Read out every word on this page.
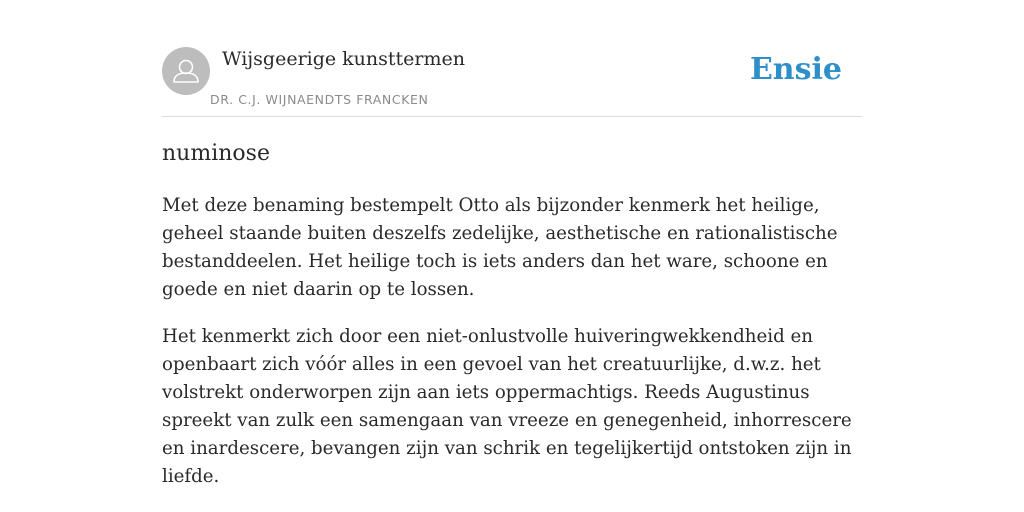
Wijsgeerige kunsttermen
DR. C.J. WIJNAENDTS FRANCKEN
Ensie
numinose

Met deze benaming bestempelt Otto als bijzonder kenmerk het heilige, geheel staande buiten deszelfs zedelijke, aesthetische en rationalistische bestanddeelen. Het heilige toch is iets anders dan het ware, schoone en goede en niet daarin op te lossen.

Het kenmerkt zich door een niet-onlustvolle huiveringwekkendheid en openbaart zich vóór alles in een gevoel van het creatuurlijke, d.w.z. het volstrekt onderworpen zijn aan iets oppermachtigs. Reeds Augustinus spreekt van zulk een samengaan van vreeze en genegenheid, inhorrescere en inardescere, bevangen zijn van schrik en tegelijkertijd ontstoken zijn in liefde.
